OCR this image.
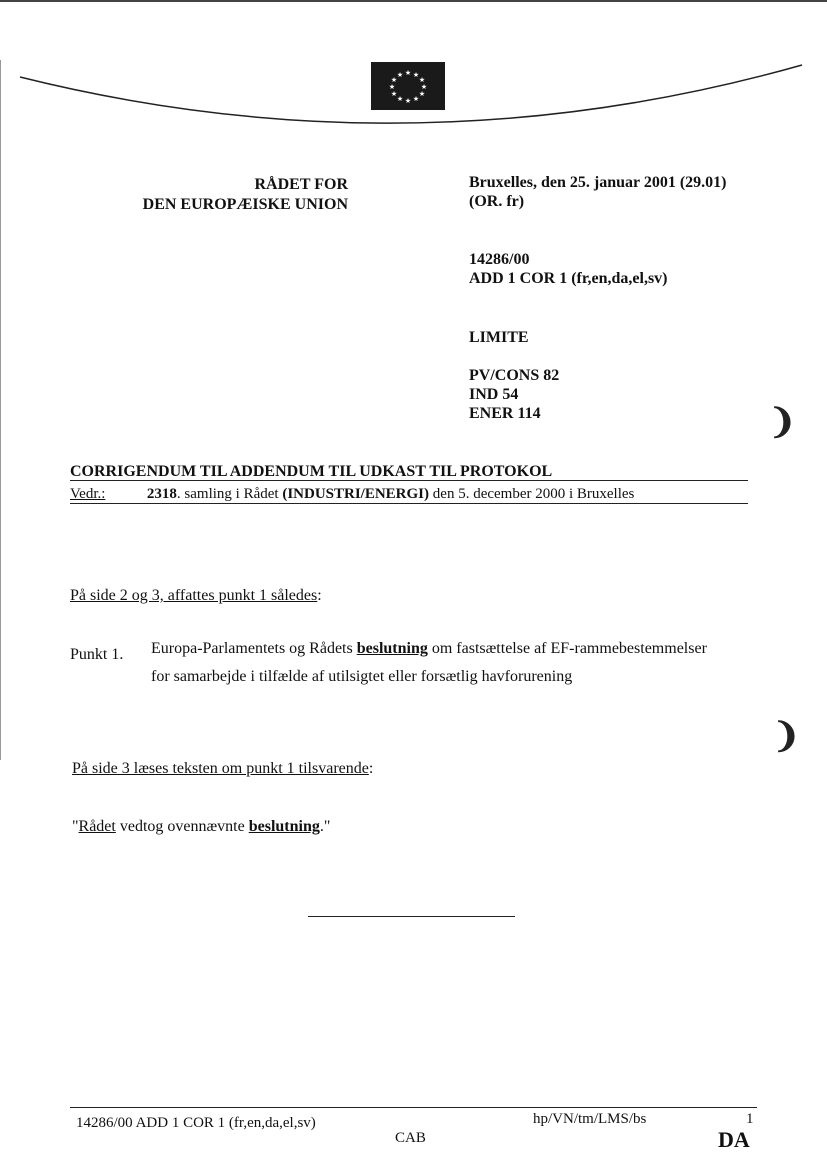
★ ★
★
★
★
★
★
★
★
★
★
★
RÅDET FOR
DEN EUROPÆISKE UNION
Bruxelles, den 25. januar 2001 (29.01)
(OR. fr)
14286/00
ADD 1 COR 1 (fr,en,da,el,sv)
LIMITE
PV/CONS 82
IND 54
ENER 114
CORRIGENDUM TIL ADDENDUM TIL UDKAST TIL PROTOKOL
Vedr.:	2318. samling i Rådet (INDUSTRI/ENERGI) den 5. december 2000 i Bruxelles
På side 2 og 3, affattes punkt 1 således:
Punkt 1. Europa-Parlamentets og Rådets beslutning om fastsættelse af EF-rammebestemmelser
for samarbejde i tilfælde af utilsigtet eller forsætlig havforurening
På side 3 læses teksten om punkt 1 tilsvarende:
"Rådet vedtog ovennævnte beslutning."
14286/00 ADD 1 COR 1 (fr,en,da,el,sv)	hp/VN/tm/LMS/bs	1
CAB	DA
❩
❩
